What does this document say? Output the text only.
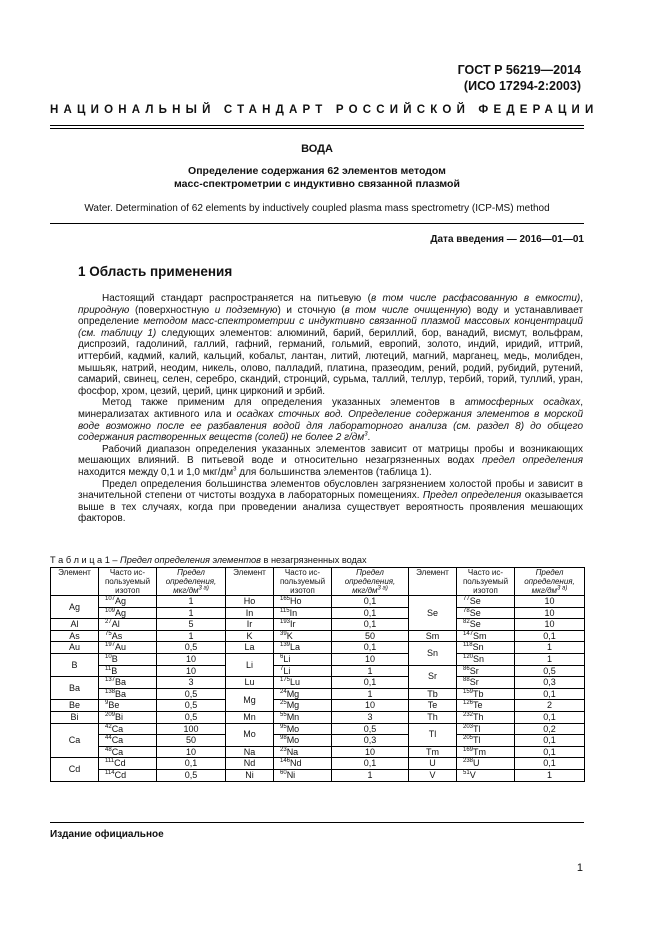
ГОСТ Р 56219—2014
(ИСО 17294-2:2003)
НАЦИОНАЛЬНЫЙ СТАНДАРТ РОССИЙСКОЙ ФЕДЕРАЦИИ
ВОДА
Определение содержания 62 элементов методом
масс-спектрометрии с индуктивно связанной плазмой
Water. Determination of 62 elements by inductively coupled plasma mass spectrometry (ICP-MS) method
Дата введения — 2016—01—01
1 Область применения

Настоящий стандарт распространяется на питьевую (в том числе расфасованную в емкости), природную (поверхностную и подземную) и сточную (в том числе очищенную) воду и устанавливает определение методом масс-спектрометрии с индуктивно связанной плазмой массовых концентраций (см. таблицу 1) следующих элементов: алюминий, барий, бериллий, бор, ванадий, висмут, вольфрам, диспрозий, гадолиний, галлий, гафний, германий, гольмий, европий, золото, индий, иридий, иттрий, иттербий, кадмий, калий, кальций, кобальт, лантан, литий, лютеций, магний, марганец, медь, молибден, мышьяк, натрий, неодим, никель, олово, палладий, платина, празеодим, рений, родий, рубидий, рутений, самарий, свинец, селен, серебро, скандий, стронций, сурьма, таллий, теллур, тербий, торий, туллий, уран, фосфор, хром, цезий, церий, цинк цирконий и эрбий.

Метод также применим для определения указанных элементов в атмосферных осадках, минерализатах активного ила и осадках сточных вод. Определение содержания элементов в морской воде возможно после ее разбавления водой для лабораторного анализа (см. раздел 8) до общего содержания растворенных веществ (солей) не более 2 $г/дм^3$.

Рабочий диапазон определения указанных элементов зависит от матрицы пробы и возникающих мешающих влияний. В питьевой воде и относительно незагрязненных водах предел определения находится между 0,1 и 1,0 мкг/$дм^3$ для большинства элементов (таблица 1).

Предел определения большинства элементов обусловлен загрязнением холостой пробы и зависит в значительной степени от чистоты воздуха в лабораторных помещениях. Предел определения оказывается выше в тех случаях, когда при проведении анализа существует вероятность проявления мешающих факторов.

Т а б л и ц а 1 – Предел определения элементов в незагрязненных водах
Элемент	Часто ис-
пользуемый
изотоп	Предел
определения,
мкг/$дм^{3 а)}$	Элемент	Часто ис-
пользуемый
изотоп	Предел
определения,
мкг/$дм^{3 а)}$	Элемент	Часто ис-
пользуемый
изотоп	Предел
определения,
мкг/$дм^{3 а)}$
Ag	$^{107}$Ag	1	Ho	$^{165}$Ho	0,1	Se	$^{77}$Se	10
	$^{109}$Ag	1	In	$^{115}$In	0,1		$^{78}$Se	10
Al	$^{27}$Al	5	Ir	$^{193}$Ir	0,1		$^{82}$Se	10
As	$^{75}$As	1	K	$^{39}$K	50	Sm	$^{147}$Sm	0,1
Au	$^{197}$Au	0,5	La	$^{139}$La	0,1	Sn	$^{118}$Sn	1
B	$^{10}$B	10	Li	$^6$Li	10		$^{120}$Sn	1
	$^{11}$B	10		$^7$Li	1	Sr	$^{86}$Sr	0,5
Ba	$^{137}$Ba	3	Lu	$^{175}$Lu	0,1		$^{88}$Sr	0,3
	$^{138}$Ba	0,5	Mg	$^{24}$Mg	1	Tb	$^{159}$Tb	0,1
Be	$^9$Be	0,5		$^{25}$Mg	10	Te	$^{126}$Te	2
Bi	$^{209}$Bi	0,5	Mn	$^{55}$Mn	3	Th	$^{232}$Th	0,1
Ca	$^{42}$Ca	100	Mo	$^{95}$Mo	0,5	Tl	$^{203}$Tl	0,2
	$^{44}$Ca	50		$^{98}$Mo	0,3		$^{205}$Tl	0,1
	$^{48}$Ca	10	Na	$^{23}$Na	10	Tm	$^{169}$Tm	0,1
Cd	$^{111}$Cd	0,1	Nd	$^{146}$Nd	0,1	U	$^{238}$U	0,1
	$^{114}$Cd	0,5	Ni	$^{60}$Ni	1	V	$^{51}$V	1
Издание официальное
1
